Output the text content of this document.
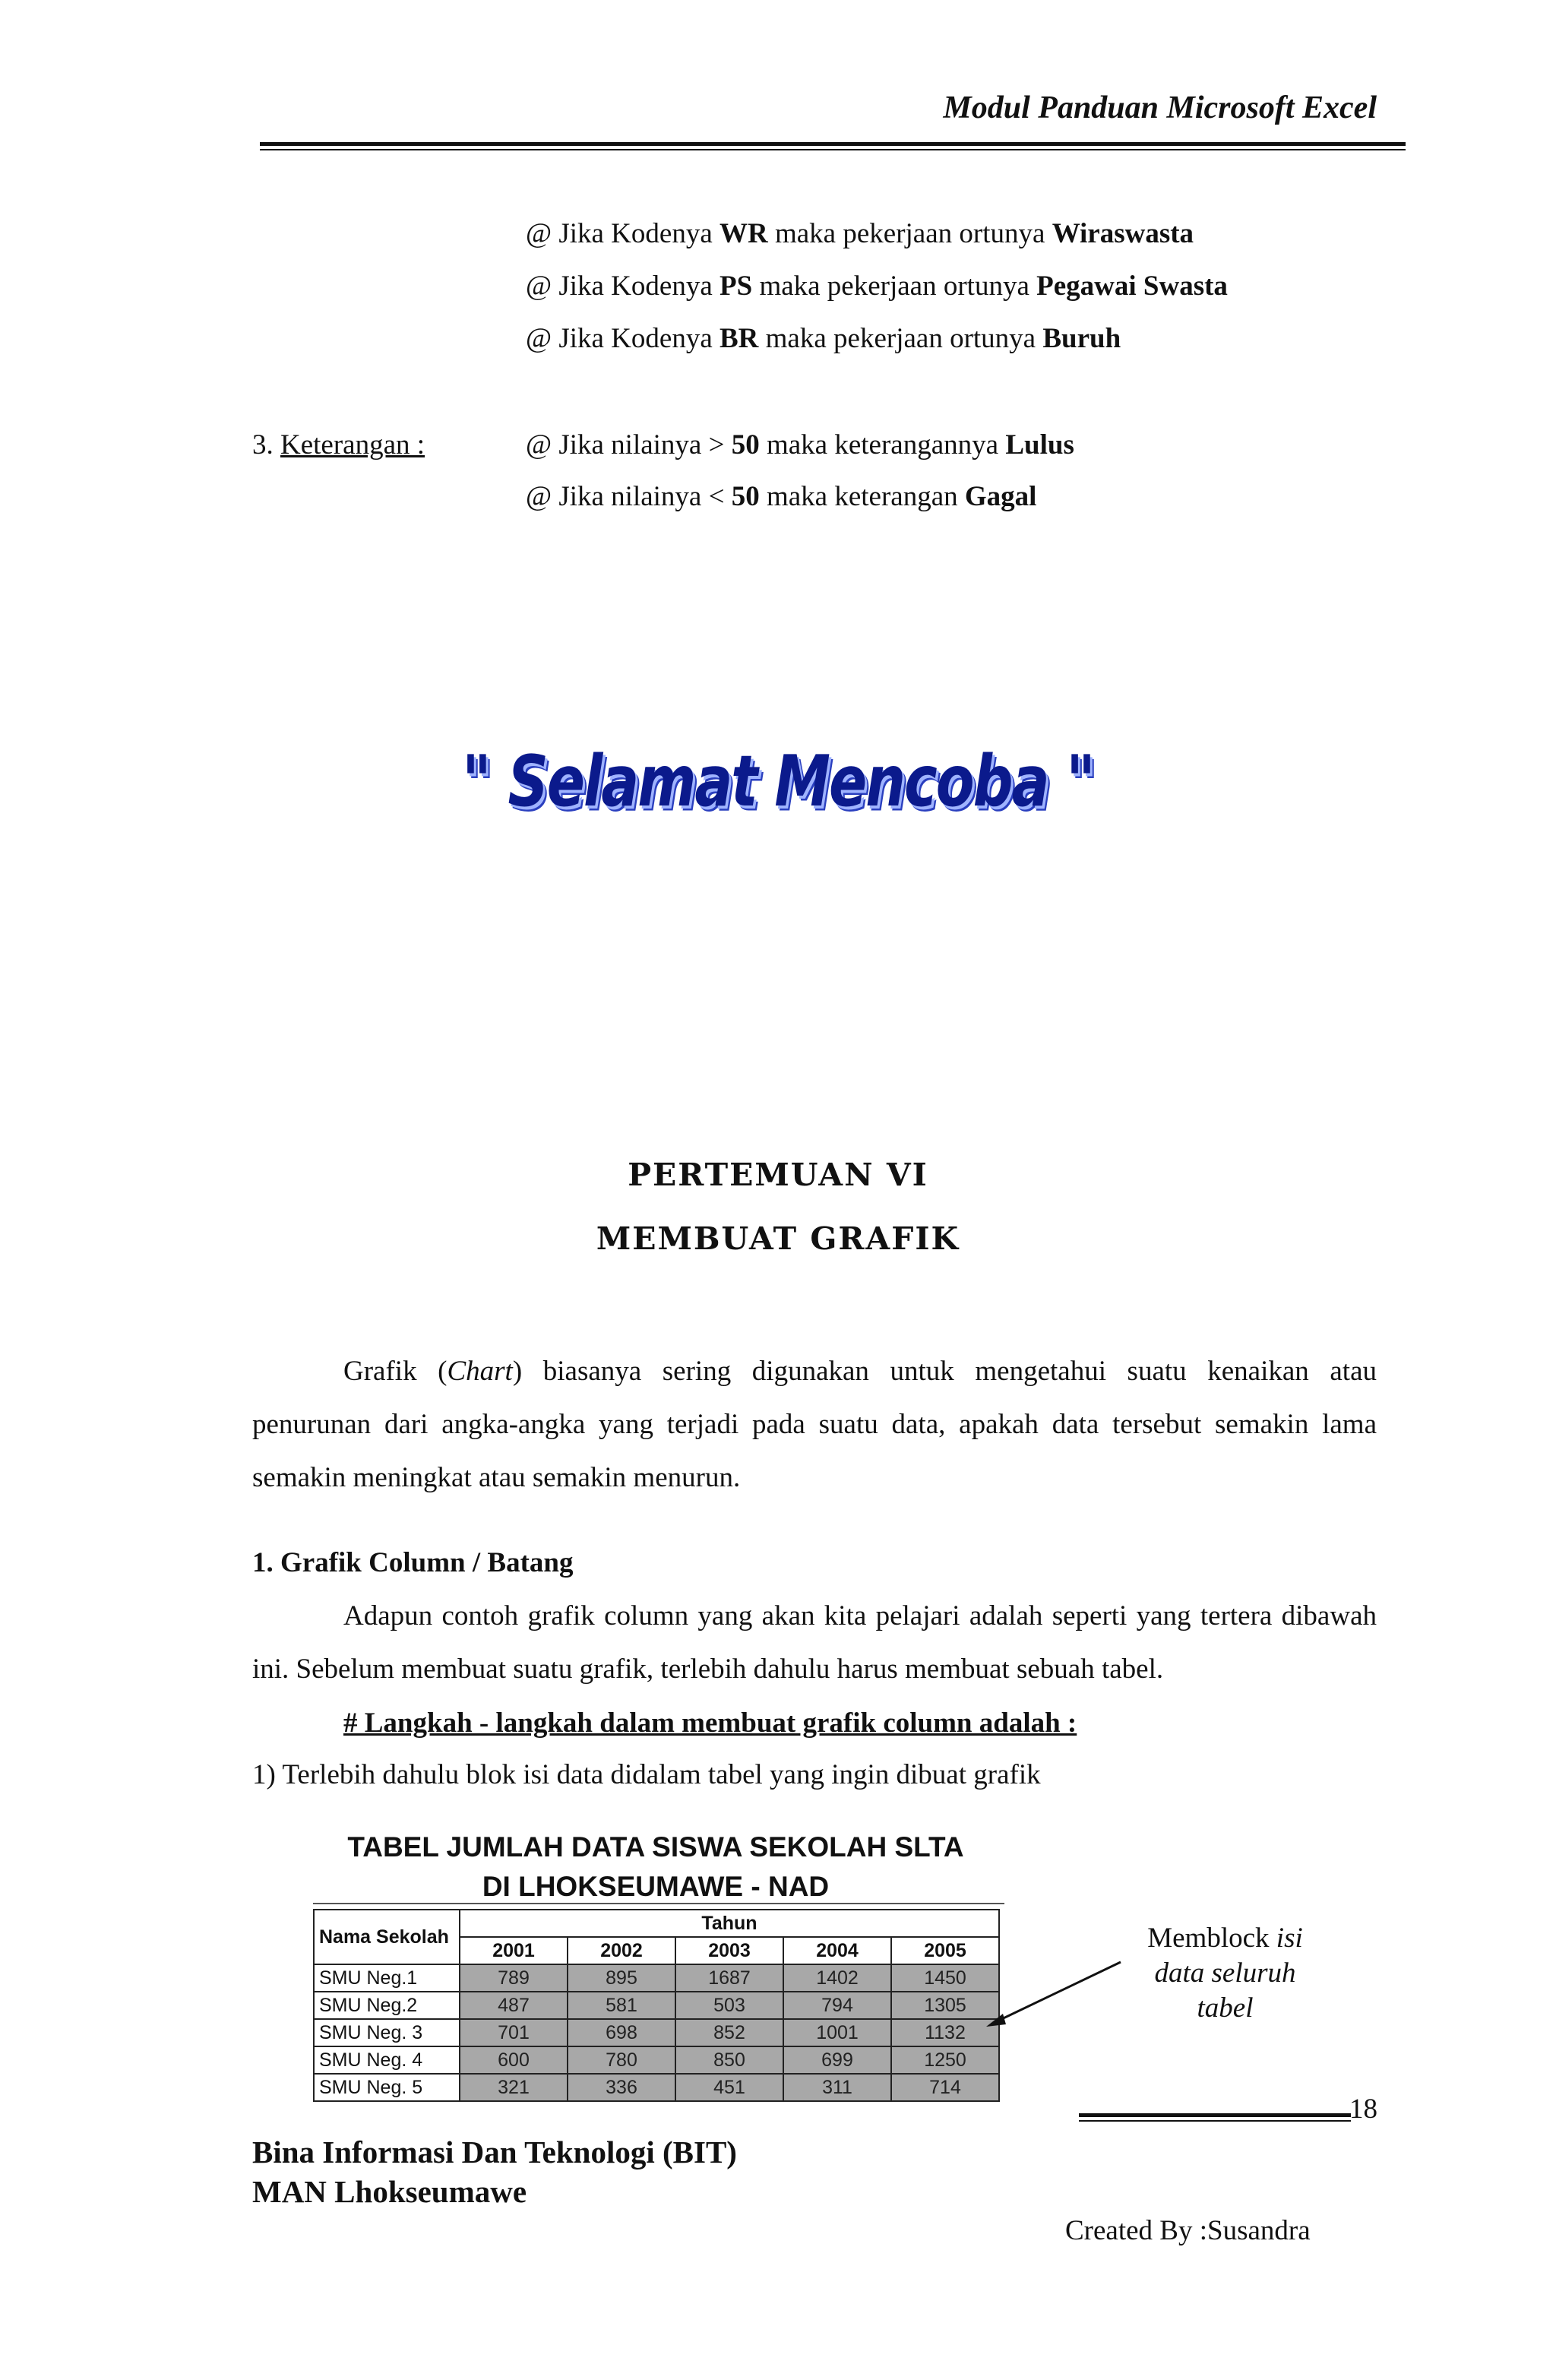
Modul Panduan Microsoft Excel
@ Jika Kodenya WR maka pekerjaan ortunya Wiraswasta
@ Jika Kodenya PS maka pekerjaan ortunya Pegawai Swasta
@ Jika Kodenya BR maka pekerjaan ortunya Buruh
3. Keterangan :	@ Jika nilainya > 50 maka keterangannya Lulus
@ Jika nilainya < 50 maka keterangan Gagal
" Selamat Mencoba "
PERTEMUAN VI
MEMBUAT GRAFIK
Grafik (Chart) biasanya sering digunakan untuk mengetahui suatu kenaikan atau penurunan dari angka-angka yang terjadi pada suatu data, apakah data tersebut semakin lama semakin meningkat atau semakin menurun.
1. Grafik Column / Batang
Adapun contoh grafik column yang akan kita pelajari adalah seperti yang tertera dibawah ini. Sebelum membuat suatu grafik, terlebih dahulu harus membuat sebuah tabel.
# Langkah - langkah dalam membuat grafik column adalah :
1) Terlebih dahulu blok isi data didalam tabel yang ingin dibuat grafik
TABEL JUMLAH DATA SISWA SEKOLAH SLTA
DI LHOKSEUMAWE - NAD
Nama Sekolah	Tahun				
	2001	2002	2003	2004	2005
SMU Neg.1	789	895	1687	1402	1450
SMU Neg.2	487	581	503	794	1305
SMU Neg. 3	701	698	852	1001	1132
SMU Neg. 4	600	780	850	699	1250
SMU Neg. 5	321	336	451	311	714
Memblock isi
data seluruh
tabel
18
Bina Informasi Dan Teknologi (BIT)
MAN Lhokseumawe
Created By :Susandra
